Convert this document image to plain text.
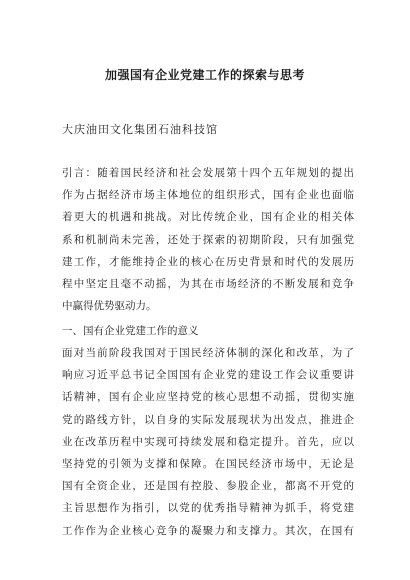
加强国有企业党建工作的探索与思考
大庆油田文化集团石油科技馆
引言：随着国民经济和社会发展第十四个五年规划的提出
作为占据经济市场主体地位的组织形式，国有企业也面临
着更大的机遇和挑战。对比传统企业，国有企业的相关体
系和机制尚未完善，还处于探索的初期阶段，只有加强党
建工作，才能维持企业的核心在历史背景和时代的发展历
程中坚定且毫不动摇，为其在市场经济的不断发展和竞争
中赢得优势驱动力。
一、国有企业党建工作的意义
面对当前阶段我国对于国民经济体制的深化和改革，为了
响应习近平总书记全国国有企业党的建设工作会议重要讲
话精神，国有企业应坚持党的核心思想不动摇，贯彻实施
党的路线方针，以自身的实际发展现状为出发点，推进企
业在改革历程中实现可持续发展和稳定提升。首先，应以
坚持党的引领为支撑和保障。在国民经济市场中，无论是
国有全资企业，还是国有控股、参股企业，都离不开党的
主旨思想作为指引，以党的优秀指导精神为抓手，将党建
工作作为企业核心竞争的凝聚力和支撑力。其次，在国有
